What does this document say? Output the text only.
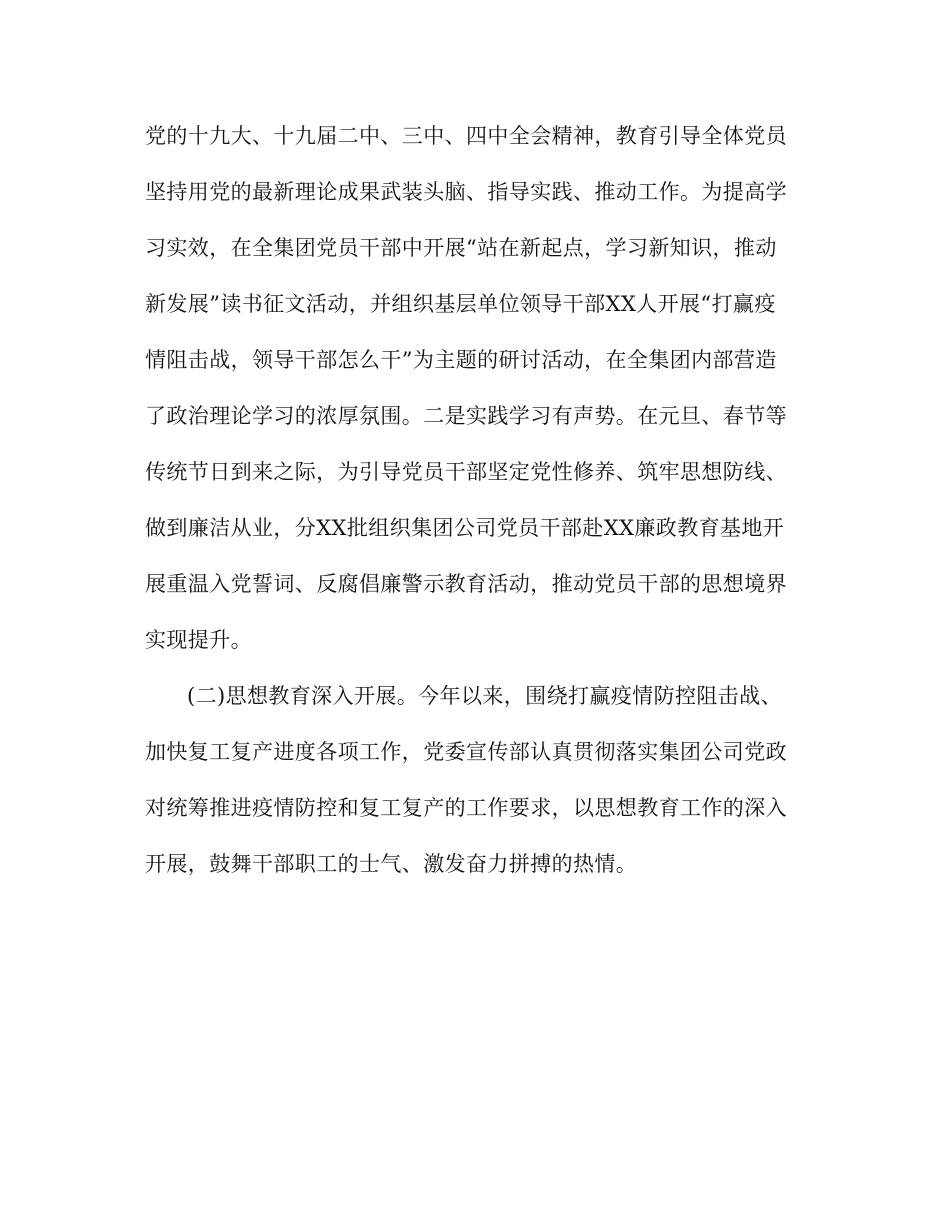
党的十九大、十九届二中、三中、四中全会精神，教育引导全体党员
坚持用党的最新理论成果武装头脑、指导实践、推动工作。为提高学
习实效，在全集团党员干部中开展“站在新起点，学习新知识，推动
新发展”读书征文活动，并组织基层单位领导干部XX人开展“打赢疫
情阻击战，领导干部怎么干”为主题的研讨活动，在全集团内部营造
了政治理论学习的浓厚氛围。二是实践学习有声势。在元旦、春节等
传统节日到来之际，为引导党员干部坚定党性修养、筑牢思想防线、
做到廉洁从业，分XX批组织集团公司党员干部赴XX廉政教育基地开
展重温入党誓词、反腐倡廉警示教育活动，推动党员干部的思想境界
实现提升。
(二)思想教育深入开展。今年以来，围绕打赢疫情防控阻击战、
加快复工复产进度各项工作，党委宣传部认真贯彻落实集团公司党政
对统筹推进疫情防控和复工复产的工作要求，以思想教育工作的深入
开展，鼓舞干部职工的士气、激发奋力拼搏的热情。
